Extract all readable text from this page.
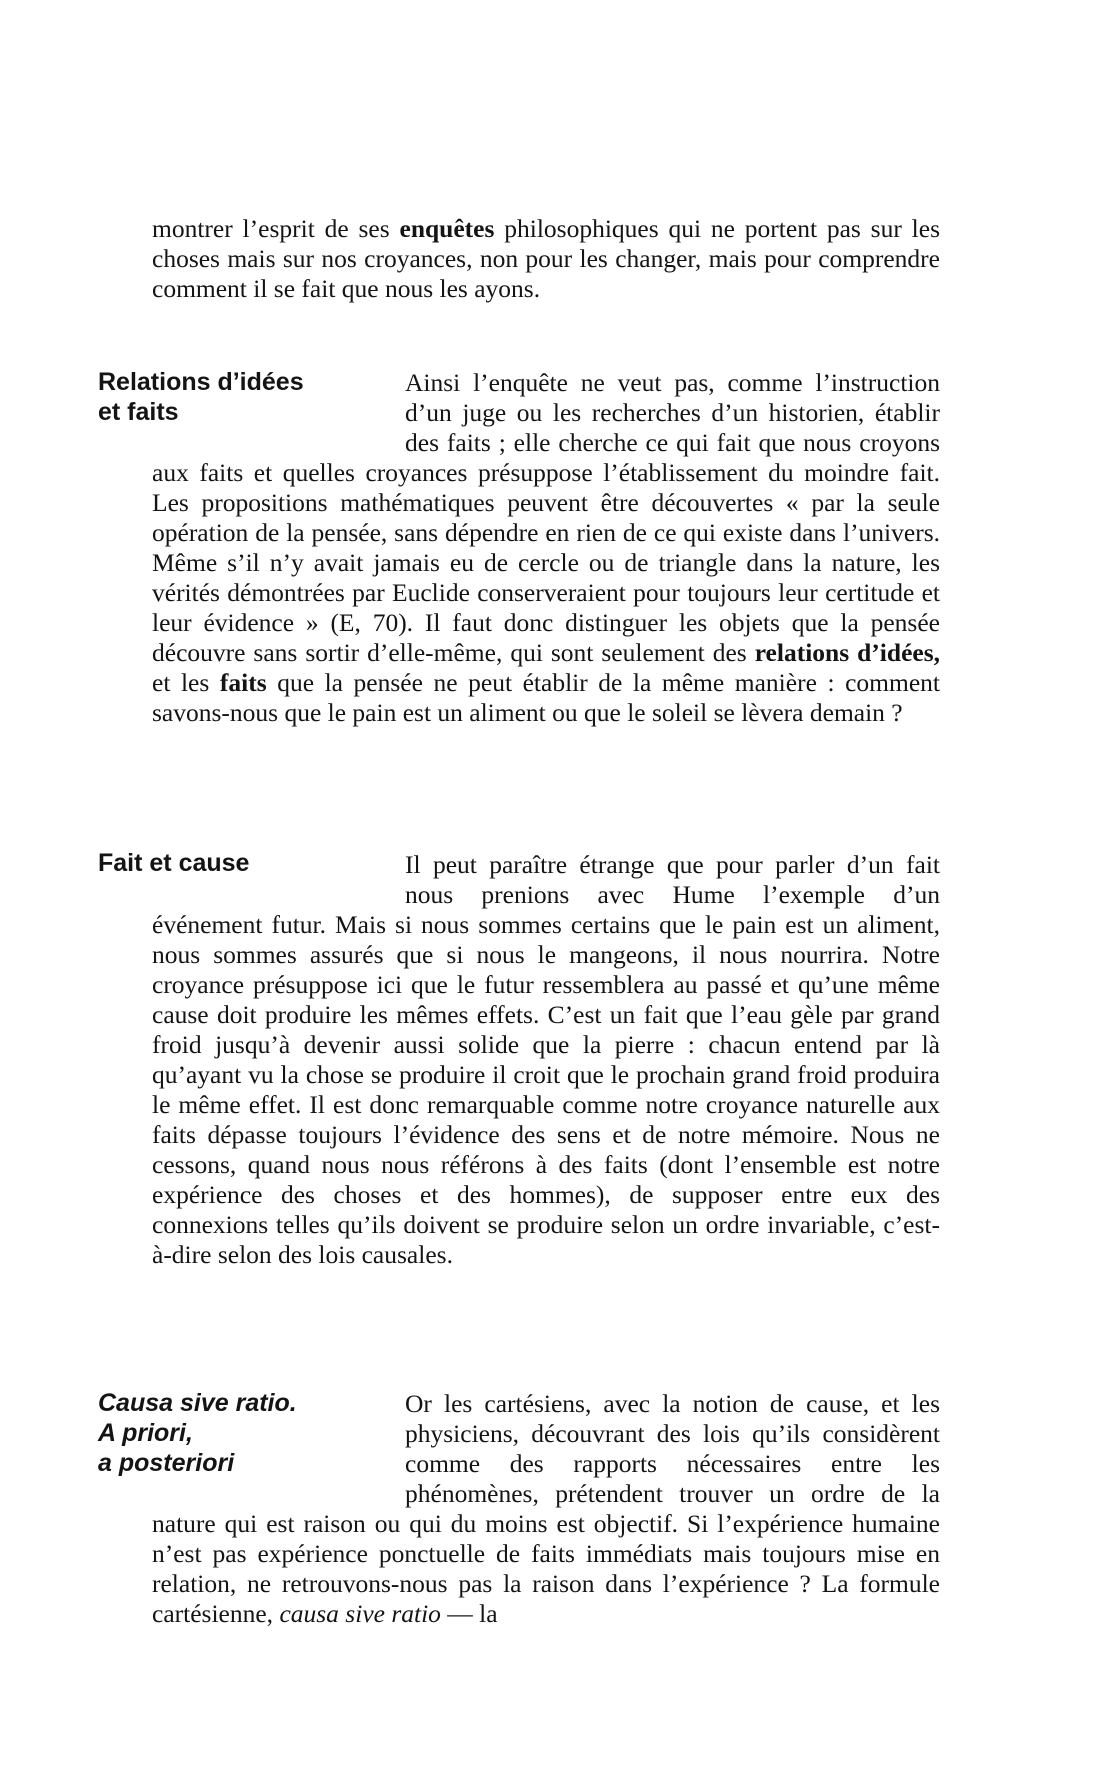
montrer l’esprit de ses enquêtes philosophiques qui ne portent pas sur les choses mais sur nos croyances, non pour les changer, mais pour comprendre comment il se fait que nous les ayons.
Relations d’idées
et faits
Ainsi l’enquête ne veut pas, comme l’instruction d’un juge ou les recherches d’un historien, établir des faits ; elle cherche ce qui fait que nous croyons aux faits et quelles croyances présuppose l’établissement du moindre fait. Les propositions mathématiques peuvent être découvertes « par la seule opération de la pensée, sans dépendre en rien de ce qui existe dans l’univers. Même s’il n’y avait jamais eu de cercle ou de triangle dans la nature, les vérités démontrées par Euclide conserveraient pour toujours leur certitude et leur évidence » (E, 70). Il faut donc distinguer les objets que la pensée découvre sans sortir d’elle-même, qui sont seulement des relations d’idées, et les faits que la pensée ne peut établir de la même manière : comment savons-nous que le pain est un aliment ou que le soleil se lèvera demain ?
Fait et cause	Il peut paraître étrange que pour parler d’un fait nous prenions avec Hume l’exemple d’un événement futur. Mais si nous sommes certains que le pain est un aliment, nous sommes assurés que si nous le mangeons, il nous nourrira. Notre croyance présuppose ici que le futur ressemblera au passé et qu’une même cause doit produire les mêmes effets. C’est un fait que l’eau gèle par grand froid jusqu’à devenir aussi solide que la pierre : chacun entend par là qu’ayant vu la chose se produire il croit que le prochain grand froid produira le même effet. Il est donc remarquable comme notre croyance naturelle aux faits dépasse toujours l’évidence des sens et de notre mémoire. Nous ne cessons, quand nous nous référons à des faits (dont l’ensemble est notre expérience des choses et des hommes), de supposer entre eux des connexions telles qu’ils doivent se produire selon un ordre invariable, c’est-à-dire selon des lois causales.
Causa sive ratio.
A priori,
a posteriori
Or les cartésiens, avec la notion de cause, et les physiciens, découvrant des lois qu’ils considèrent comme des rapports nécessaires entre les phénomènes, prétendent trouver un ordre de la nature qui est raison ou qui du moins est objectif. Si l’expérience humaine n’est pas expérience ponctuelle de faits immédiats mais toujours mise en relation, ne retrouvons-nous pas la raison dans l’expérience ? La formule cartésienne, causa sive ratio — la
